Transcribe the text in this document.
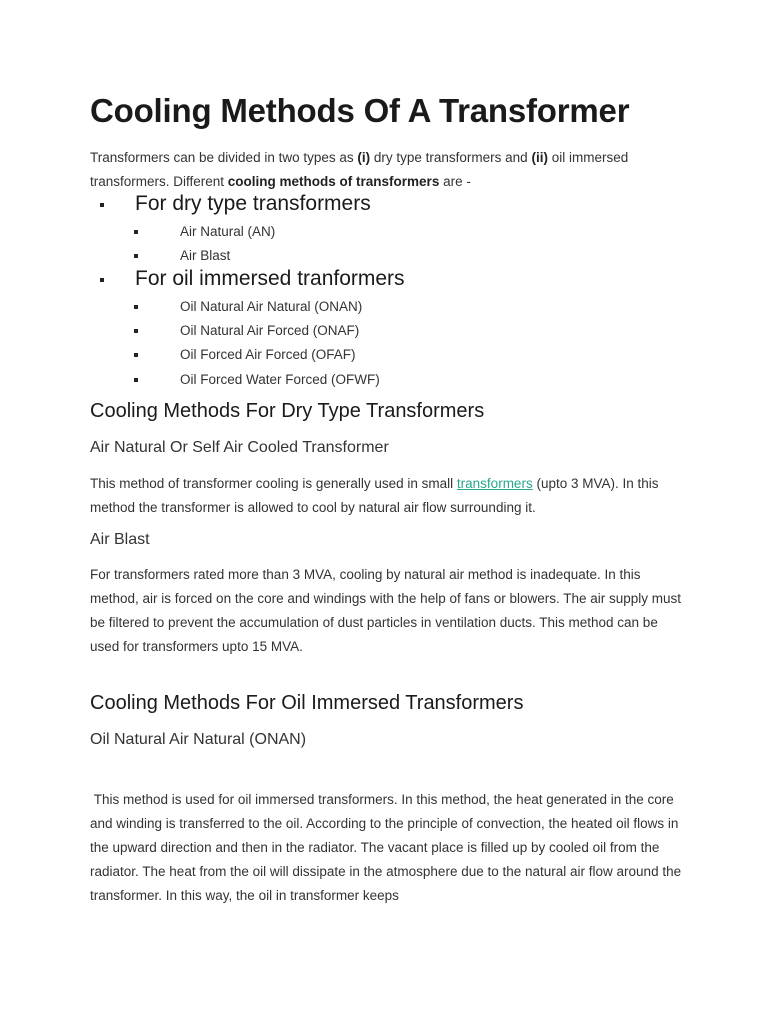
Cooling Methods Of A Transformer
Transformers can be divided in two types as (i) dry type transformers and (ii) oil immersed transformers. Different cooling methods of transformers are -
For dry type transformers
Air Natural (AN)
Air Blast
For oil immersed tranformers
Oil Natural Air Natural (ONAN)
Oil Natural Air Forced (ONAF)
Oil Forced Air Forced (OFAF)
Oil Forced Water Forced (OFWF)
Cooling Methods For Dry Type Transformers
Air Natural Or Self Air Cooled Transformer
This method of transformer cooling is generally used in small transformers (upto 3 MVA). In this method the transformer is allowed to cool by natural air flow surrounding it.
Air Blast
For transformers rated more than 3 MVA, cooling by natural air method is inadequate. In this method, air is forced on the core and windings with the help of fans or blowers. The air supply must be filtered to prevent the accumulation of dust particles in ventilation ducts. This method can be used for transformers upto 15 MVA.
Cooling Methods For Oil Immersed Transformers
Oil Natural Air Natural (ONAN)
This method is used for oil immersed transformers. In this method, the heat generated in the core and winding is transferred to the oil. According to the principle of convection, the heated oil flows in the upward direction and then in the radiator. The vacant place is filled up by cooled oil from the radiator. The heat from the oil will dissipate in the atmosphere due to the natural air flow around the transformer. In this way, the oil in transformer keeps
